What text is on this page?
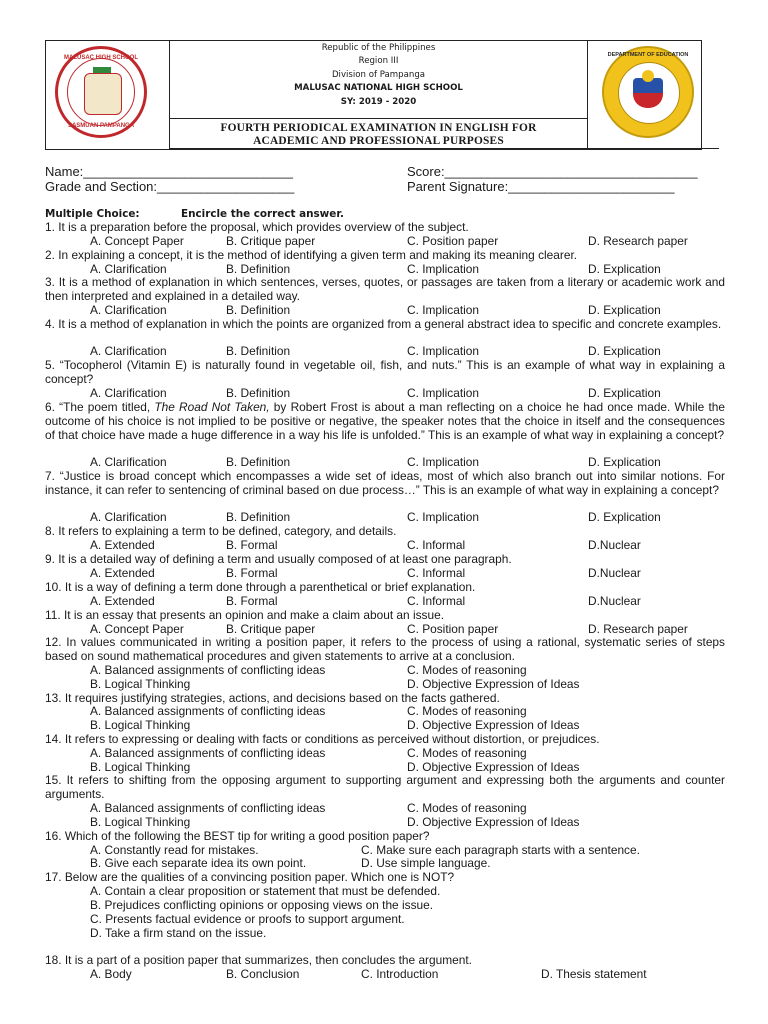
MALUSAC HIGH SCHOOL
SASMUAN PAMPANGA
Republic of the Philippines
Region III
Division of Pampanga
MALUSAC NATIONAL HIGH SCHOOL
SY: 2019 - 2020
FOURTH PERIODICAL EXAMINATION IN ENGLISH FOR
ACADEMIC AND PROFESSIONAL PURPOSES
DEPARTMENT OF EDUCATION
Name:_____________________________	Score:___________________________________
Grade and Section:___________________	Parent Signature:_______________________
Multiple Choice:	Encircle the correct answer.
1. It is a preparation before the proposal, which provides overview of the subject.
A. Concept Paper	B. Critique paper	C. Position paper	D. Research paper
2. In explaining a concept, it is the method of identifying a given term and making its meaning clearer.
A. Clarification	B. Definition	C. Implication	D. Explication
3. It is a method of explanation in which sentences, verses, quotes, or passages are taken from a literary or academic work and then interpreted and explained in a detailed way.
A. Clarification	B. Definition	C. Implication	D. Explication
4. It is a method of explanation in which the points are organized from a general abstract idea to specific and concrete examples.
A. Clarification	B. Definition	C. Implication	D. Explication
5. “Tocopherol (Vitamin E) is naturally found in vegetable oil, fish, and nuts.” This is an example of what way in explaining a concept?
A. Clarification	B. Definition	C. Implication	D. Explication
6. “The poem titled, The Road Not Taken, by Robert Frost is about a man reflecting on a choice he had once made. While the outcome of his choice is not implied to be positive or negative, the speaker notes that the choice in itself and the consequences of that choice have made a huge difference in a way his life is unfolded.” This is an example of what way in explaining a concept?
A. Clarification	B. Definition	C. Implication	D. Explication
7. “Justice is broad concept which encompasses a wide set of ideas, most of which also branch out into similar notions. For instance, it can refer to sentencing of criminal based on due process…” This is an example of what way in explaining a concept?
A. Clarification	B. Definition	C. Implication	D. Explication
8. It refers to explaining a term to be defined, category, and details.
A. Extended	B. Formal	C. Informal	D.Nuclear
9. It is a detailed way of defining a term and usually composed of at least one paragraph.
A. Extended	B. Formal	C. Informal	D.Nuclear
10. It is a way of defining a term done through a parenthetical or brief explanation.
A. Extended	B. Formal	C. Informal	D.Nuclear
11. It is an essay that presents an opinion and make a claim about an issue.
A. Concept Paper	B. Critique paper	C. Position paper	D. Research paper
12. In values communicated in writing a position paper, it refers to the process of using a rational, systematic series of steps based on sound mathematical procedures and given statements to arrive at a conclusion.
A. Balanced assignments of conflicting ideas	C. Modes of reasoning
B. Logical Thinking	D. Objective Expression of Ideas
13. It requires justifying strategies, actions, and decisions based on the facts gathered.
A. Balanced assignments of conflicting ideas	C. Modes of reasoning
B. Logical Thinking	D. Objective Expression of Ideas
14. It refers to expressing or dealing with facts or conditions as perceived without distortion, or prejudices.
A. Balanced assignments of conflicting ideas	C. Modes of reasoning
B. Logical Thinking	D. Objective Expression of Ideas
15. It refers to shifting from the opposing argument to supporting argument and expressing both the arguments and counter arguments.
A. Balanced assignments of conflicting ideas	C. Modes of reasoning
B. Logical Thinking	D. Objective Expression of Ideas
16. Which of the following the BEST tip for writing a good position paper?
A. Constantly read for mistakes.	C. Make sure each paragraph starts with a sentence.
B. Give each separate idea its own point.	D. Use simple language.
17. Below are the qualities of a convincing position paper. Which one is NOT?
A. Contain a clear proposition or statement that must be defended.
B. Prejudices conflicting opinions or opposing views on the issue.
C. Presents factual evidence or proofs to support argument.
D. Take a firm stand on the issue.
18. It is a part of a position paper that summarizes, then concludes the argument.
A. Body	B. Conclusion	C. Introduction	D. Thesis statement
